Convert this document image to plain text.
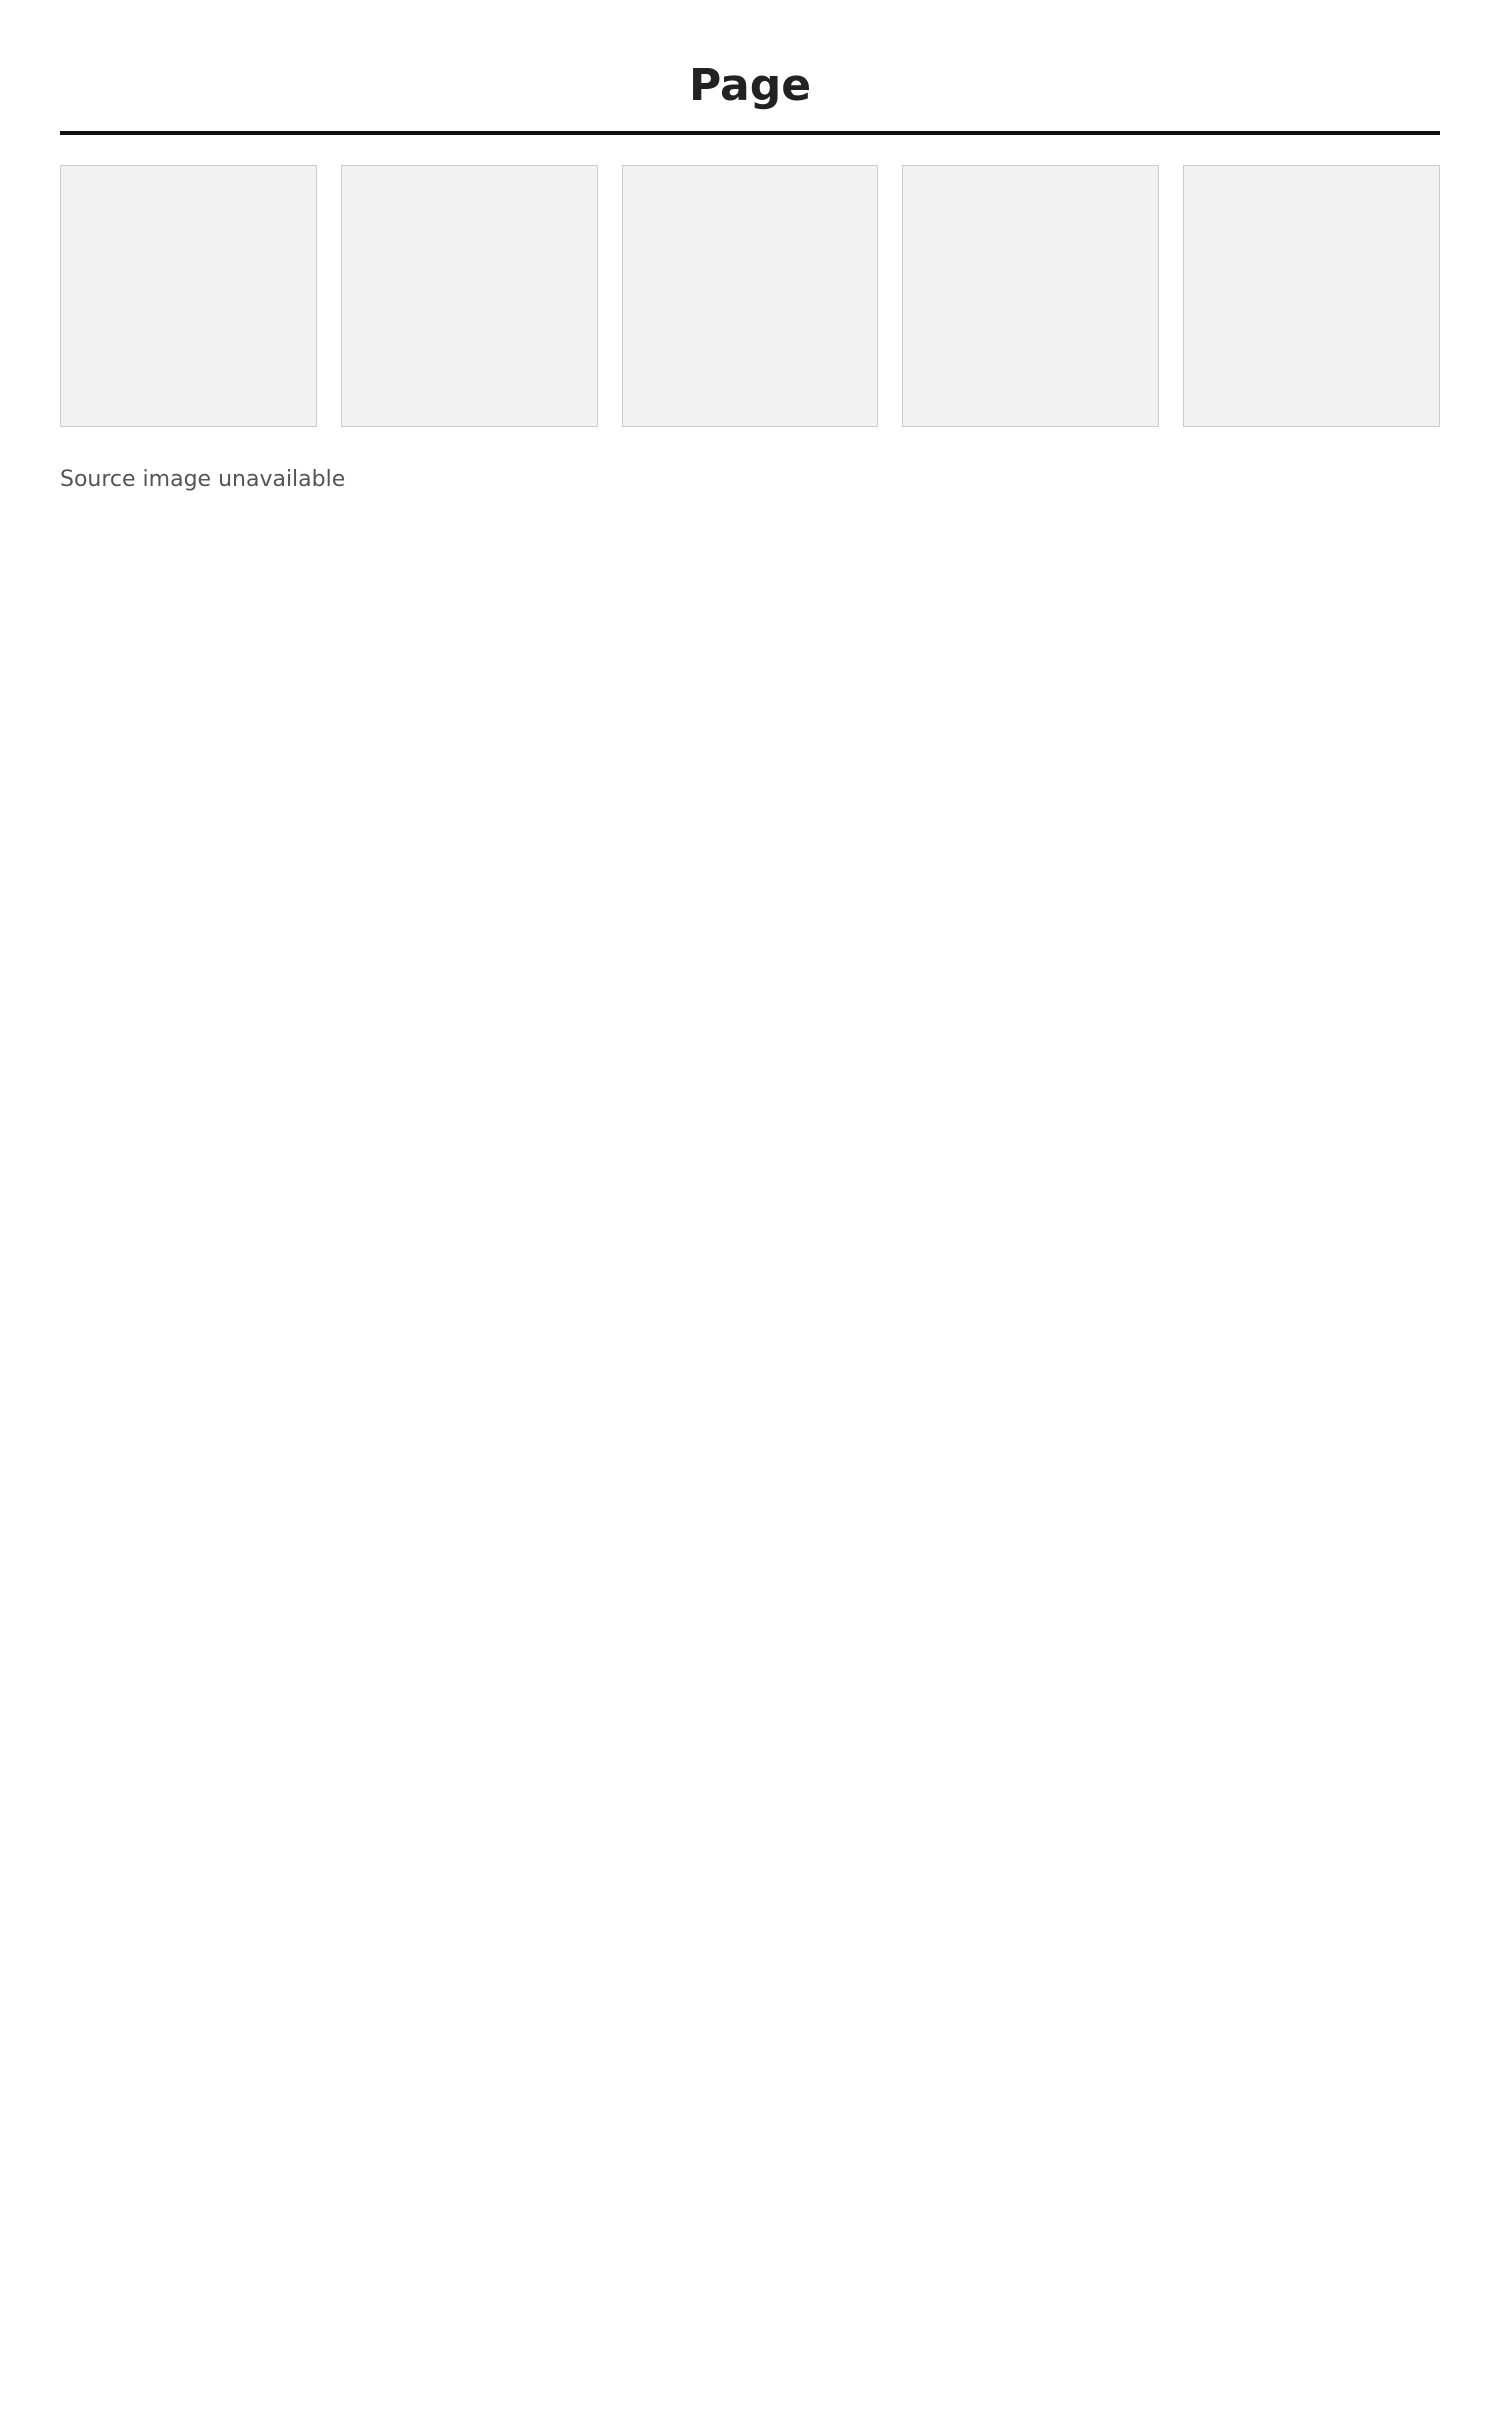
Page
Source image unavailable
